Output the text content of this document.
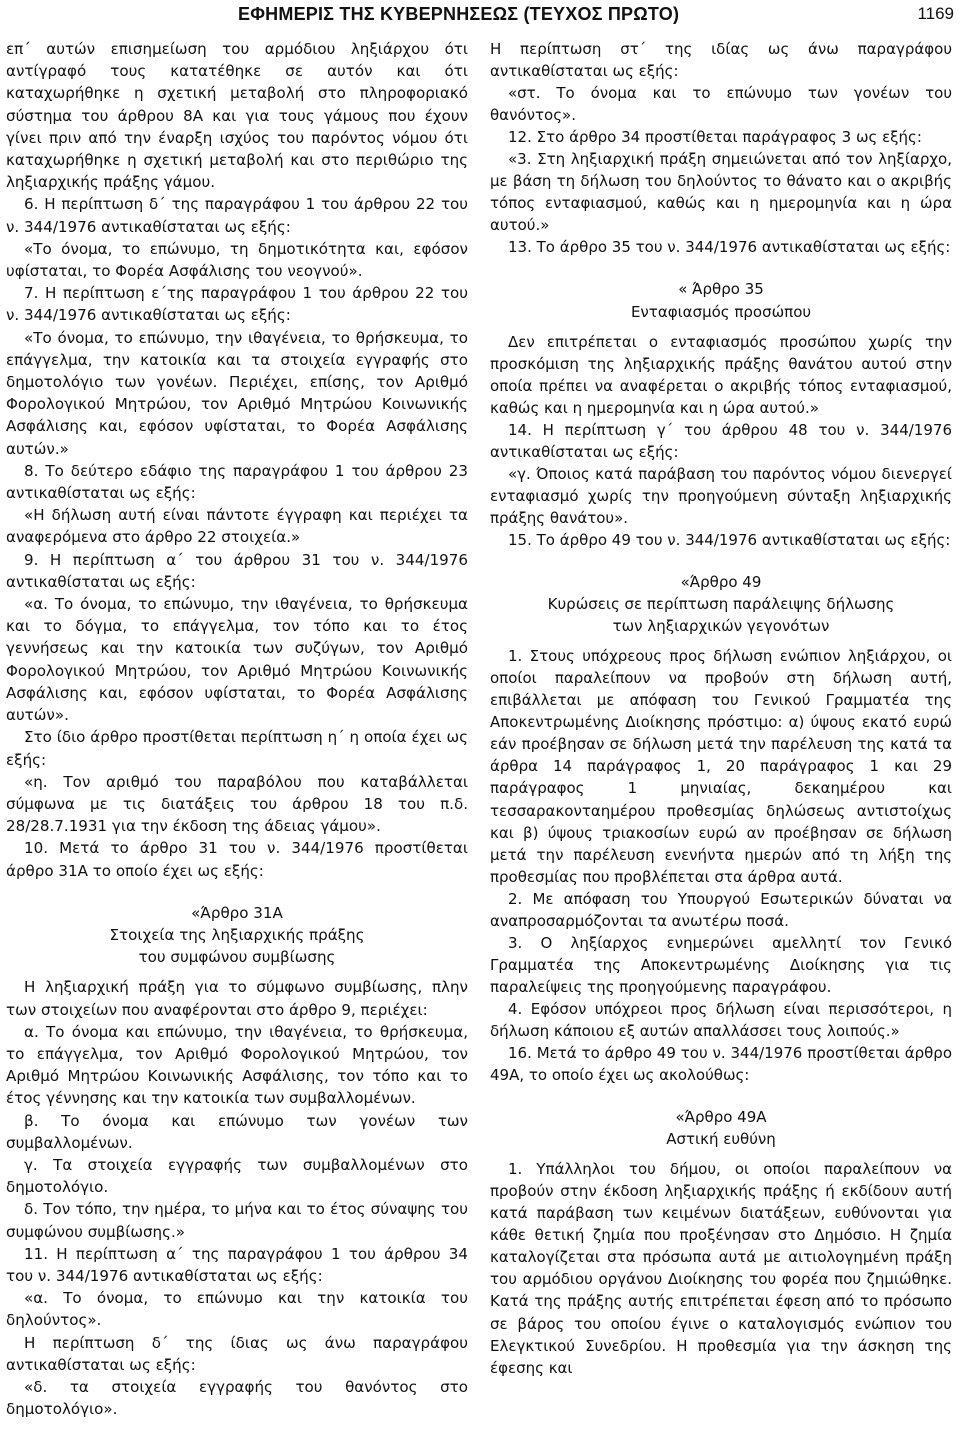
ΕΦΗΜΕΡΙΣ ΤΗΣ ΚΥΒΕΡΝΗΣΕΩΣ (ΤΕΥΧΟΣ ΠΡΩΤΟ)	1169

επ΄ αυτών επισημείωση του αρμόδιου ληξιάρχου ότι αντίγραφό τους κατατέθηκε σε αυτόν και ότι καταχωρήθηκε η σχετική μεταβολή στο πληροφοριακό σύστημα του άρθρου 8Α και για τους γάμους που έχουν γίνει πριν από την έναρξη ισχύος του παρόντος νόμου ότι καταχωρήθηκε η σχετική μεταβολή και στο περιθώριο της ληξιαρχικής πράξης γάμου.

6. Η περίπτωση δ΄ της παραγράφου 1 του άρθρου 22 του ν. 344/1976 αντικαθίσταται ως εξής:

«Το όνομα, το επώνυμο, τη δημοτικότητα και, εφόσον υφίσταται, το Φορέα Ασφάλισης του νεογνού».

7. Η περίπτωση ε΄της παραγράφου 1 του άρθρου 22 του ν. 344/1976 αντικαθίσταται ως εξής:

«Το όνομα, το επώνυμο, την ιθαγένεια, το θρήσκευμα, το επάγγελμα, την κατοικία και τα στοιχεία εγγραφής στο δημοτολόγιο των γονέων. Περιέχει, επίσης, τον Αριθμό Φορολογικού Μητρώου, τον Αριθμό Μητρώου Κοινωνικής Ασφάλισης και, εφόσον υφίσταται, το Φορέα Ασφάλισης αυτών.»

8. Το δεύτερο εδάφιο της παραγράφου 1 του άρθρου 23 αντικαθίσταται ως εξής:

«Η δήλωση αυτή είναι πάντοτε έγγραφη και περιέχει τα αναφερόμενα στο άρθρο 22 στοιχεία.»

9. Η περίπτωση α΄ του άρθρου 31 του ν. 344/1976 αντικαθίσταται ως εξής:

«α. Το όνομα, το επώνυμο, την ιθαγένεια, το θρήσκευμα και το δόγμα, το επάγγελμα, τον τόπο και το έτος γεννήσεως και την κατοικία των συζύγων, τον Αριθμό Φορολογικού Μητρώου, τον Αριθμό Μητρώου Κοινωνικής Ασφάλισης και, εφόσον υφίσταται, το Φορέα Ασφάλισης αυτών».

Στο ίδιο άρθρο προστίθεται περίπτωση η΄ η οποία έχει ως εξής:

«η. Τον αριθμό του παραβόλου που καταβάλλεται σύμφωνα με τις διατάξεις του άρθρου 18 του π.δ. 28/28.7.1931 για την έκδοση της άδειας γάμου».

10. Μετά το άρθρο 31 του ν. 344/1976 προστίθεται άρθρο 31Α το οποίο έχει ως εξής:

«Άρθρο 31Α

Στοιχεία της ληξιαρχικής πράξης

του συμφώνου συμβίωσης

Η ληξιαρχική πράξη για το σύμφωνο συμβίωσης, πλην των στοιχείων που αναφέρονται στο άρθρο 9, περιέχει:

α. Το όνομα και επώνυμο, την ιθαγένεια, το θρήσκευμα, το επάγγελμα, τον Αριθμό Φορολογικού Μητρώου, τον Αριθμό Μητρώου Κοινωνικής Ασφάλισης, τον τόπο και το έτος γέννησης και την κατοικία των συμβαλλομένων.

β. Το όνομα και επώνυμο των γονέων των συμβαλλομένων.

γ. Τα στοιχεία εγγραφής των συμβαλλομένων στο δημοτολόγιο.

δ. Τον τόπο, την ημέρα, το μήνα και το έτος σύναψης του συμφώνου συμβίωσης.»

11. Η περίπτωση α΄ της παραγράφου 1 του άρθρου 34 του ν. 344/1976 αντικαθίσταται ως εξής:

«α. Το όνομα, το επώνυμο και την κατοικία του δηλούντος».

Η περίπτωση δ΄ της ίδιας ως άνω παραγράφου αντικαθίσταται ως εξής:

«δ. τα στοιχεία εγγραφής του θανόντος στο δημοτολόγιο».

Η περίπτωση στ΄ της ιδίας ως άνω παραγράφου αντικαθίσταται ως εξής:

«στ. Το όνομα και το επώνυμο των γονέων του θανόντος».

12. Στο άρθρο 34 προστίθεται παράγραφος 3 ως εξής:

«3. Στη ληξιαρχική πράξη σημειώνεται από τον ληξίαρχο, με βάση τη δήλωση του δηλούντος το θάνατο και ο ακριβής τόπος ενταφιασμού, καθώς και η ημερομηνία και η ώρα αυτού.»

13. Το άρθρο 35 του ν. 344/1976 αντικαθίσταται ως εξής:

« Άρθρο 35

Ενταφιασμός προσώπου

Δεν επιτρέπεται ο ενταφιασμός προσώπου χωρίς την προσκόμιση της ληξιαρχικής πράξης θανάτου αυτού στην οποία πρέπει να αναφέρεται ο ακριβής τόπος ενταφιασμού, καθώς και η ημερομηνία και η ώρα αυτού.»

14. Η περίπτωση γ΄ του άρθρου 48 του ν. 344/1976 αντικαθίσταται ως εξής:

«γ. Όποιος κατά παράβαση του παρόντος νόμου διενεργεί ενταφιασμό χωρίς την προηγούμενη σύνταξη ληξιαρχικής πράξης θανάτου».

15. Το άρθρο 49 του ν. 344/1976 αντικαθίσταται ως εξής:

«Άρθρο 49

Κυρώσεις σε περίπτωση παράλειψης δήλωσης

των ληξιαρχικών γεγονότων

1. Στους υπόχρεους προς δήλωση ενώπιον ληξιάρχου, οι οποίοι παραλείπουν να προβούν στη δήλωση αυτή, επιβάλλεται με απόφαση του Γενικού Γραμματέα της Αποκεντρωμένης Διοίκησης πρόστιμο: α) ύψους εκατό ευρώ εάν προέβησαν σε δήλωση μετά την παρέλευση της κατά τα άρθρα 14 παράγραφος 1, 20 παράγραφος 1 και 29 παράγραφος 1 μηνιαίας, δεκαημέρου και τεσσαρακονταημέρου προθεσμίας δηλώσεως αντιστοίχως και β) ύψους τριακοσίων ευρώ αν προέβησαν σε δήλωση μετά την παρέλευση ενενήντα ημερών από τη λήξη της προθεσμίας που προβλέπεται στα άρθρα αυτά.

2. Με απόφαση του Υπουργού Εσωτερικών δύναται να αναπροσαρμόζονται τα ανωτέρω ποσά.

3. Ο ληξίαρχος ενημερώνει αμελλητί τον Γενικό Γραμματέα της Αποκεντρωμένης Διοίκησης για τις παραλείψεις της προηγούμενης παραγράφου.

4. Εφόσον υπόχρεοι προς δήλωση είναι περισσότεροι, η δήλωση κάποιου εξ αυτών απαλλάσσει τους λοιπούς.»

16. Μετά το άρθρο 49 του ν. 344/1976 προστίθεται άρθρο 49Α, το οποίο έχει ως ακολούθως:

«Άρθρο 49Α

Αστική ευθύνη

1. Υπάλληλοι του δήμου, οι οποίοι παραλείπουν να προβούν στην έκδοση ληξιαρχικής πράξης ή εκδίδουν αυτή κατά παράβαση των κειμένων διατάξεων, ευθύνονται για κάθε θετική ζημία που προξένησαν στο Δημόσιο. Η ζημία καταλογίζεται στα πρόσωπα αυτά με αιτιολογημένη πράξη του αρμόδιου οργάνου Διοίκησης του φορέα που ζημιώθηκε. Κατά της πράξης αυτής επιτρέπεται έφεση από το πρόσωπο σε βάρος του οποίου έγινε ο καταλογισμός ενώπιον του Ελεγκτικού Συνεδρίου. Η προθεσμία για την άσκηση της έφεσης και
